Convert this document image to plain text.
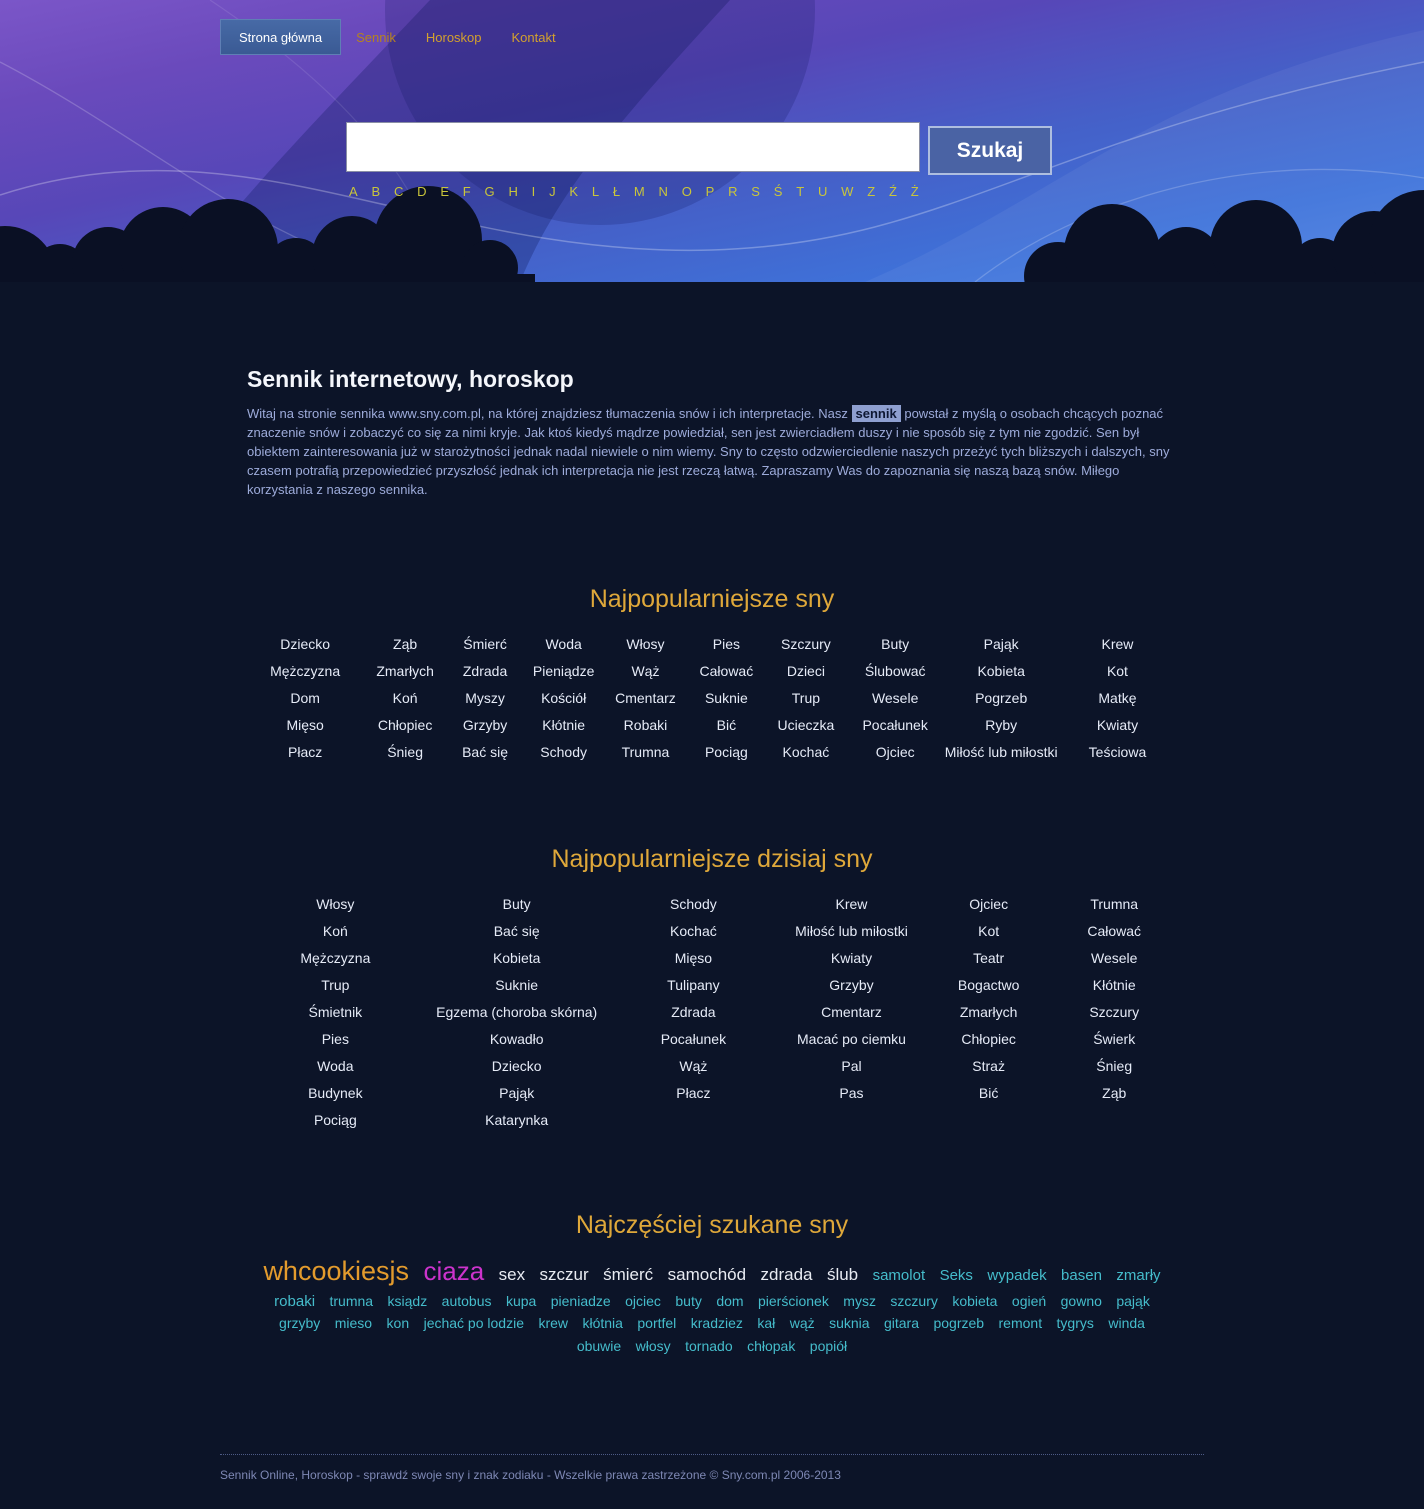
Strona główna	Sennik	Horoskop	Kontakt
Szukaj
A B C D E F G H I J K L Ł M N O P R S Ś T U W Z Ź Ż
Sennik internetowy, horoskop

Witaj na stronie sennika www.sny.com.pl, na której znajdziesz tłumaczenia snów i ich interpretacje. Nasz sennik powstał z myślą o osobach chcących poznać znaczenie snów i zobaczyć co się za nimi kryje. Jak ktoś kiedyś mądrze powiedział, sen jest zwierciadłem duszy i nie sposób się z tym nie zgodzić. Sen był obiektem zainteresowania już w starożytności jednak nadal niewiele o nim wiemy. Sny to często odzwierciedlenie naszych przeżyć tych bliższych i dalszych, sny czasem potrafią przepowiedzieć przyszłość jednak ich interpretacja nie jest rzeczą łatwą. Zapraszamy Was do zapoznania się naszą bazą snów. Miłego korzystania z naszego sennika.

Najpopularniejsze sny
Dziecko	Ząb	Śmierć	Woda	Włosy	Pies	Szczury	Buty	Pająk	Krew
Mężczyzna	Zmarłych	Zdrada	Pieniądze	Wąż	Całować	Dzieci	Ślubować	Kobieta	Kot
Dom	Koń	Myszy	Kościół	Cmentarz	Suknie	Trup	Wesele	Pogrzeb	Matkę
Mięso	Chłopiec	Grzyby	Kłótnie	Robaki	Bić	Ucieczka	Pocałunek	Ryby	Kwiaty
Płacz	Śnieg	Bać się	Schody	Trumna	Pociąg	Kochać	Ojciec	Miłość lub miłostki	Teściowa
Najpopularniejsze dzisiaj sny
Włosy	Buty	Schody	Krew	Ojciec	Trumna
Koń	Bać się	Kochać	Miłość lub miłostki	Kot	Całować
Mężczyzna	Kobieta	Mięso	Kwiaty	Teatr	Wesele
Trup	Suknie	Tulipany	Grzyby	Bogactwo	Kłótnie
Śmietnik	Egzema (choroba skórna)	Zdrada	Cmentarz	Zmarłych	Szczury
Pies	Kowadło	Pocałunek	Macać po ciemku	Chłopiec	Świerk
Woda	Dziecko	Wąż	Pal	Straż	Śnieg
Budynek	Pająk	Płacz	Pas	Bić	Ząb
Pociąg	Katarynka				
Najczęściej szukane sny
whcookiesjs ciaza sex szczur śmierć samochód zdrada ślub samolot Seks wypadek basen zmarły robaki trumna ksiądz autobus kupa pieniadze ojciec buty dom pierścionek mysz szczury kobieta ogień gowno pająk grzyby mieso kon jechać po lodzie krew kłótnia portfel kradziez kał wąż suknia gitara pogrzeb remont tygrys winda obuwie włosy tornado chłopak popiół
Sennik Online, Horoskop - sprawdź swoje sny i znak zodiaku - Wszelkie prawa zastrzeżone © Sny.com.pl 2006-2013
